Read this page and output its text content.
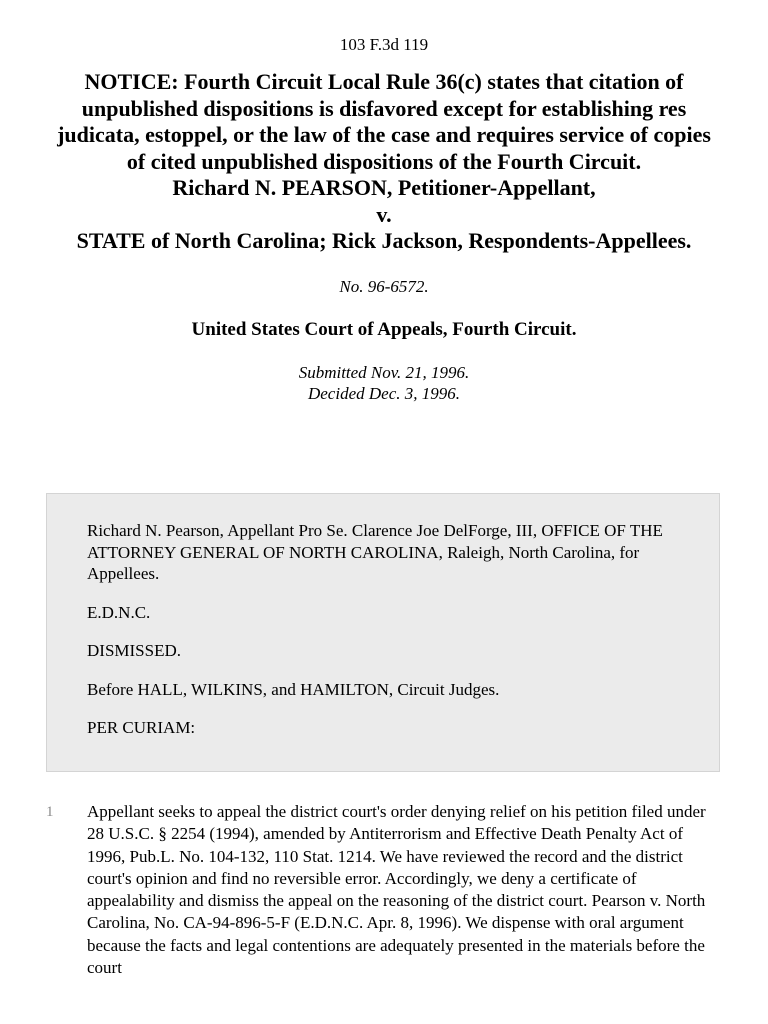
103 F.3d 119
NOTICE: Fourth Circuit Local Rule 36(c) states that citation of unpublished dispositions is disfavored except for establishing res judicata, estoppel, or the law of the case and requires service of copies of cited unpublished dispositions of the Fourth Circuit.
Richard N. PEARSON, Petitioner-Appellant,
v.
STATE of North Carolina; Rick Jackson, Respondents-Appellees.
No. 96-6572.
United States Court of Appeals, Fourth Circuit.
Submitted Nov. 21, 1996.
Decided Dec. 3, 1996.

Richard N. Pearson, Appellant Pro Se. Clarence Joe DelForge, III, OFFICE OF THE ATTORNEY GENERAL OF NORTH CAROLINA, Raleigh, North Carolina, for Appellees.

E.D.N.C.

DISMISSED.

Before HALL, WILKINS, and HAMILTON, Circuit Judges.

PER CURIAM:

1 Appellant seeks to appeal the district court's order denying relief on his petition filed under 28 U.S.C. § 2254 (1994), amended by Antiterrorism and Effective Death Penalty Act of 1996, Pub.L. No. 104-132, 110 Stat. 1214. We have reviewed the record and the district court's opinion and find no reversible error. Accordingly, we deny a certificate of appealability and dismiss the appeal on the reasoning of the district court. Pearson v. North Carolina, No. CA-94-896-5-F (E.D.N.C. Apr. 8, 1996). We dispense with oral argument because the facts and legal contentions are adequately presented in the materials before the court
